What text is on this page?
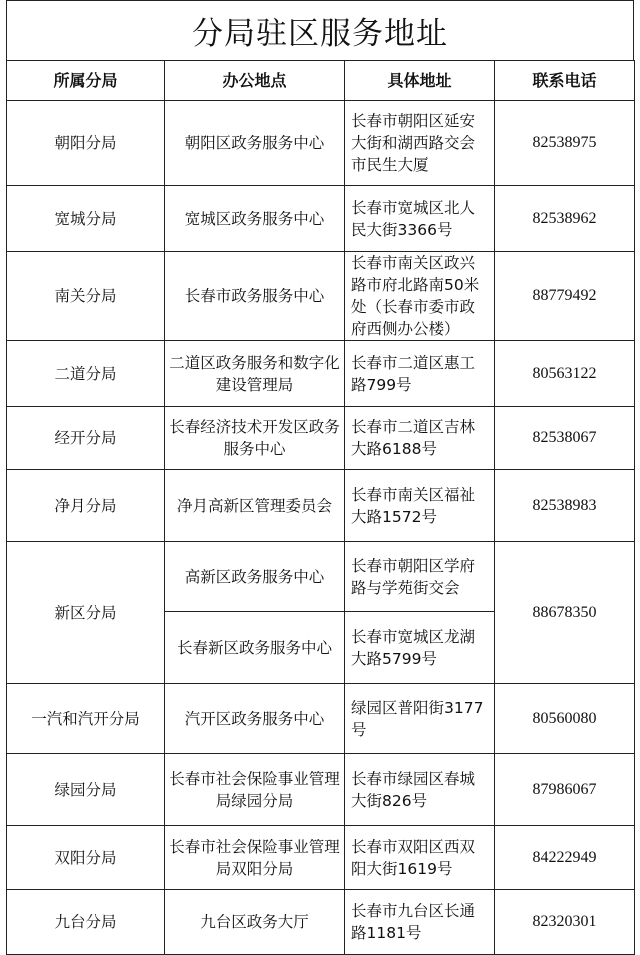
分局驻区服务地址
所属分局	办公地点	具体地址	联系电话
朝阳分局	朝阳区政务服务中心	长春市朝阳区延安大街和湖西路交会市民生大厦	82538975
宽城分局	宽城区政务服务中心	长春市宽城区北人民大街3366号	82538962
南关分局	长春市政务服务中心	长春市南关区政兴路市府北路南50米处（长春市委市政府西侧办公楼）	88779492
二道分局	二道区政务服务和数字化建设管理局	长春市二道区惠工路799号	80563122
经开分局	长春经济技术开发区政务服务中心	长春市二道区吉林大路6188号	82538067
净月分局	净月高新区管理委员会	长春市南关区福祉大路1572号	82538983
新区分局	高新区政务服务中心	长春市朝阳区学府路与学苑街交会	88678350
	长春新区政务服务中心	长春市宽城区龙湖大路5799号	
一汽和汽开分局	汽开区政务服务中心	绿园区普阳街3177号	80560080
绿园分局	长春市社会保险事业管理局绿园分局	长春市绿园区春城大街826号	87986067
双阳分局	长春市社会保险事业管理局双阳分局	长春市双阳区西双阳大街1619号	84222949
九台分局	九台区政务大厅	长春市九台区长通路1181号	82320301
